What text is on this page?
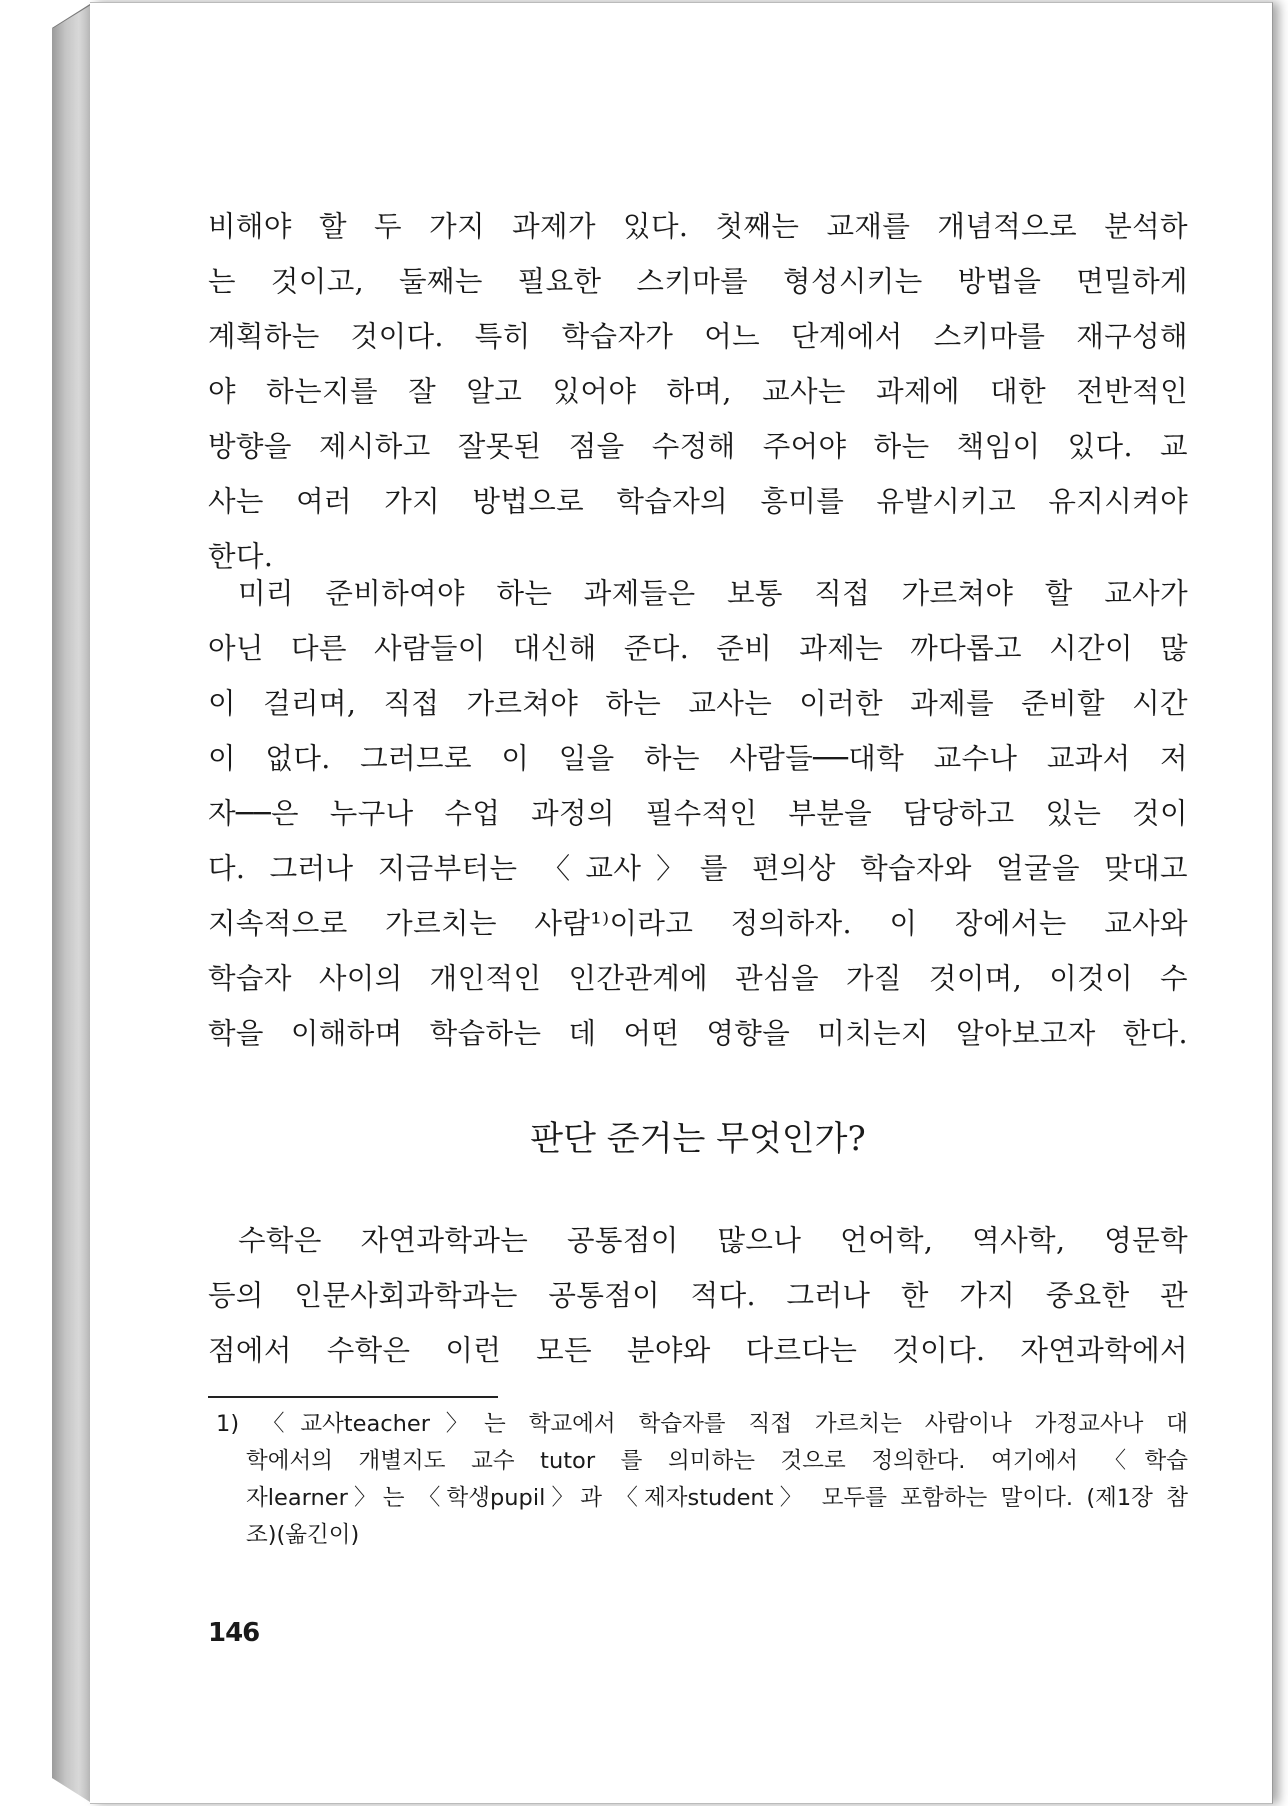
비해야 할 두 가지 과제가 있다. 첫째는 교재를 개념적으로 분석하
는 것이고, 둘째는 필요한 스키마를 형성시키는 방법을 면밀하게
계획하는 것이다. 특히 학습자가 어느 단계에서 스키마를 재구성해
야 하는지를 잘 알고 있어야 하며, 교사는 과제에 대한 전반적인
방향을 제시하고 잘못된 점을 수정해 주어야 하는 책임이 있다. 교
사는 여러 가지 방법으로 학습자의 흥미를 유발시키고 유지시켜야
한다.
미리 준비하여야 하는 과제들은 보통 직접 가르쳐야 할 교사가
아닌 다른 사람들이 대신해 준다. 준비 과제는 까다롭고 시간이 많
이 걸리며, 직접 가르쳐야 하는 교사는 이러한 과제를 준비할 시간
이 없다. 그러므로 이 일을 하는 사람들──대학 교수나 교과서 저
자──은 누구나 수업 과정의 필수적인 부분을 담당하고 있는 것이
다. 그러나 지금부터는 〈교사〉를 편의상 학습자와 얼굴을 맞대고
지속적으로 가르치는 사람¹⁾이라고 정의하자. 이 장에서는 교사와
학습자 사이의 개인적인 인간관계에 관심을 가질 것이며, 이것이 수
학을 이해하며 학습하는 데 어떤 영향을 미치는지 알아보고자 한다.
판단 준거는 무엇인가?
수학은 자연과학과는 공통점이 많으나 언어학, 역사학, 영문학
등의 인문사회과학과는 공통점이 적다. 그러나 한 가지 중요한 관
점에서 수학은 이런 모든 분야와 다르다는 것이다. 자연과학에서
1) 〈교사teacher〉는 학교에서 학습자를 직접 가르치는 사람이나 가정교사나 대
학에서의 개별지도 교수 tutor 를 의미하는 것으로 정의한다. 여기에서 〈학습
자learner〉는 〈학생pupil〉과 〈제자student〉 모두를 포함하는 말이다. (제1장 참
조)(옮긴이)
146
